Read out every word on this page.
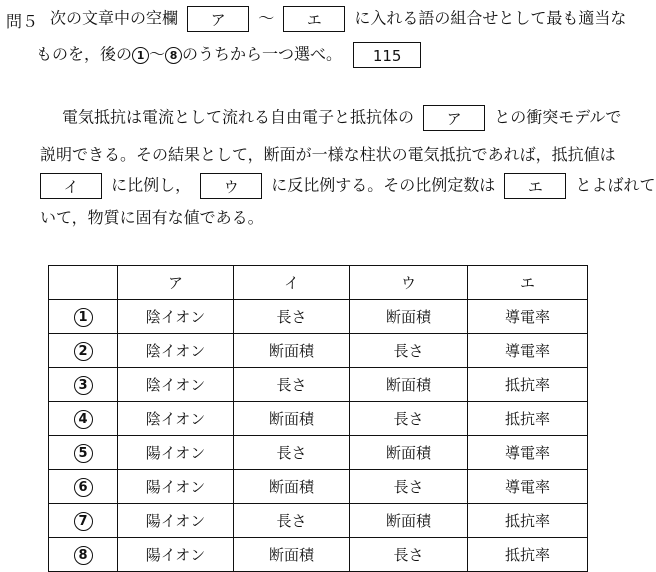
問５ 次の文章中の空欄 ア 〜 エ に入れる語の組合せとして最も適当な
ものを，後の 1 〜 8 のうちから一つ選べ。 115
電気抵抗は電流として流れる自由電子と抵抗体の ア との衝突モデルで
説明できる。その結果として，断面が一様な柱状の電気抵抗であれば，抵抗値は
イ に比例し， ウ に反比例する。その比例定数は エ とよばれて
いて，物質に固有な値である。
	ア	イ	ウ	エ
1	陰イオン	長さ	断面積	導電率
2	陰イオン	断面積	長さ	導電率
3	陰イオン	長さ	断面積	抵抗率
4	陰イオン	断面積	長さ	抵抗率
5	陽イオン	長さ	断面積	導電率
6	陽イオン	断面積	長さ	導電率
7	陽イオン	長さ	断面積	抵抗率
8	陽イオン	断面積	長さ	抵抗率
